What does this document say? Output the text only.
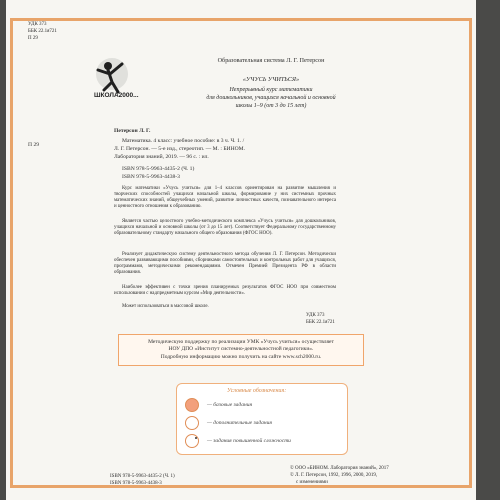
УДК 373
ББК 22.1я721
П 29
ШКОЛА2000...
Образовательная система Л. Г. Петерсон
«УЧУСЬ УЧИТЬСЯ»
Непрерывный курс математики
для дошкольников, учащихся начальной и основной
школы 1–9 (от 3 до 15 лет)
П 29
Петерсон Л. Г.
Математика. 4 класс: учебное пособие: в 3 ч. Ч. 1. /
Л. Г. Петерсон. — 5-е изд., стереотип. — М. : БИНОМ.
Лаборатория знаний, 2019. — 96 с. : ил.
ISBN 978-5-9963-4435-2 (Ч. 1)
ISBN 978-5-9963-4438-3
Курс математики «Учусь учиться» для 1–4 классов ориентирован на развитие мышления и творческих способностей учащихся начальной школы, формирование у них системных прочных математических знаний, общеучебных умений, развитие личностных качеств, познавательного интереса и ценностного отношения к образованию.
Является частью целостного учебно-методического комплекса «Учусь учиться» для дошкольников, учащихся начальной и основной школы (от 3 до 15 лет). Соответствует Федеральному государственному образовательному стандарту начального общего образования (ФГОС НОО).
Реализует дидактическую систему деятельностного метода обучения Л. Г. Петерсон. Методически обеспечен развивающими пособиями, сборниками самостоятельных и контрольных работ для учащихся, программами, методическими рекомендациями. Отмечен Премией Президента РФ в области образования.
Наиболее эффективен с точки зрения планируемых результатов ФГОС НОО при совместном использовании с надпредметным курсом «Мир деятельности».
Может использоваться в массовой школе.
УДК 373
ББК 22.1я721
Методическую поддержку по реализации УМК «Учусь учиться» осуществляет
НОУ ДПО «Институт системно-деятельностной педагогики».
Подробную информацию можно получить на сайте www.sch2000.ru.
Условные обозначения:
— базовые задания
— дополнительные задания
— задания повышенной сложности
ISBN 978-5-9963-4435-2 (Ч. 1)
ISBN 978-5-9963-4438-3
© ООО «БИНОМ. Лаборатория знаний», 2017
© Л. Г. Петерсон, 1992, 1996, 2000, 2019,
с изменениями
